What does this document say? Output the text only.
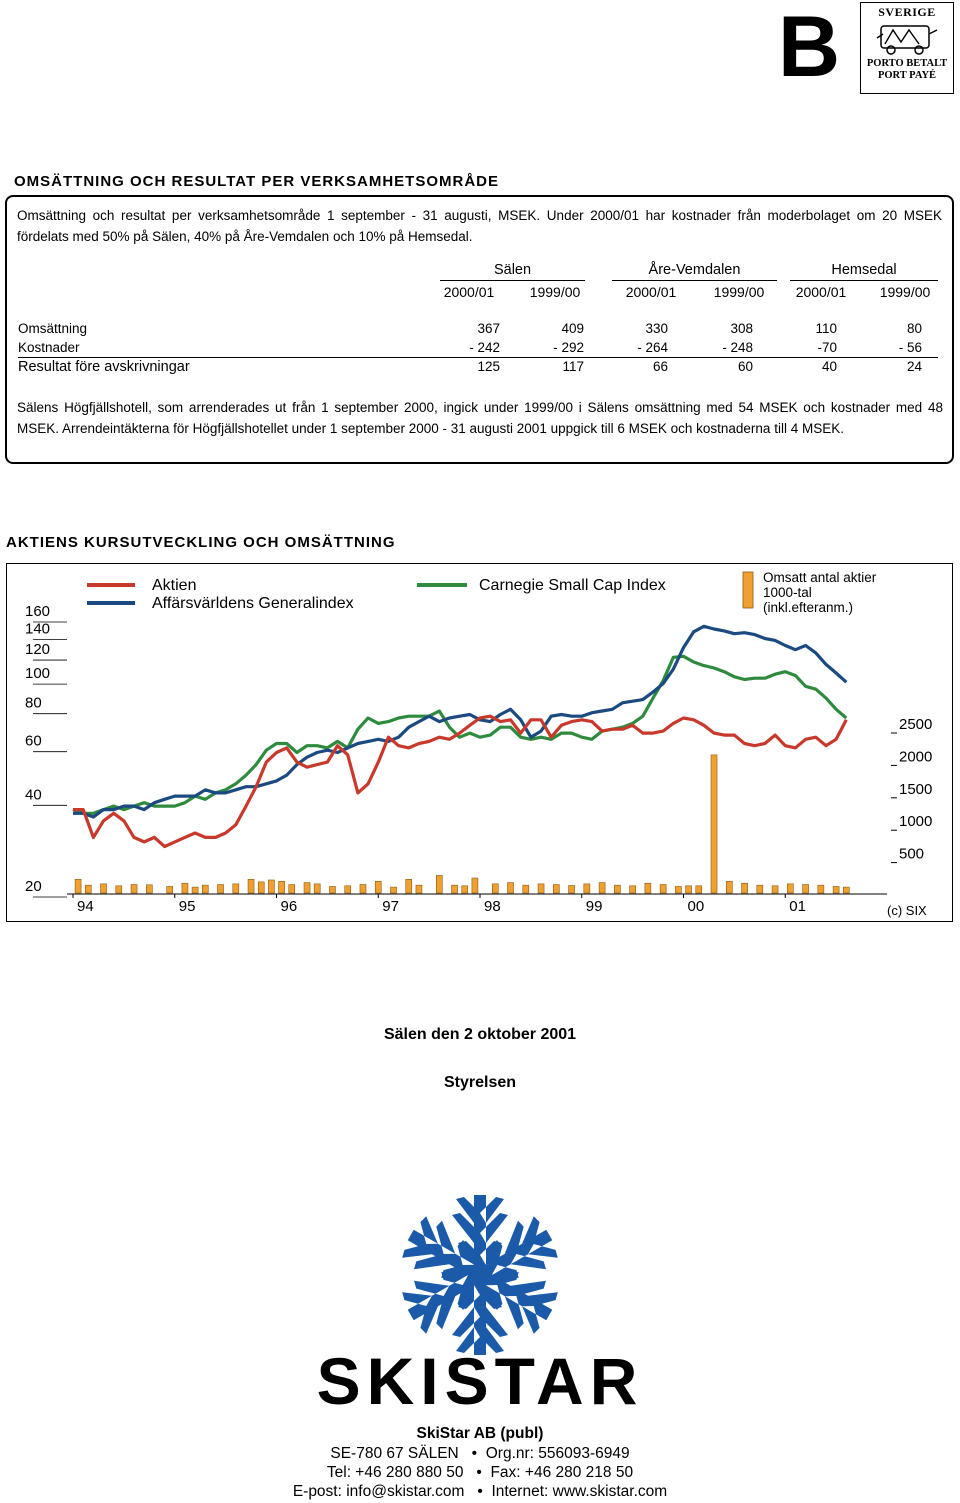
B	SVERIGE
PORTO BETALT
PORT PAYÉ
OMSÄTTNING OCH RESULTAT PER VERKSAMHETSOMRÅDE
Omsättning och resultat per verksamhetsområde 1 september - 31 augusti, MSEK. Under 2000/01 har kostnader från moderbolaget om 20 MSEK fördelats med 50% på Sälen, 40% på Åre-Vemdalen och 10% på Hemsedal.
Sälen	Åre-Vemdalen	Hemsedal
2000/01	1999/00	2000/01	1999/00	2000/01	1999/00
Omsättning	367	409	330	308	110	80
Kostnader	- 242	- 292	- 264	- 248	-70	- 56
Resultat före avskrivningar	125	117	66	60	40	24
Sälens Högfjällshotell, som arrenderades ut från 1 september 2000, ingick under 1999/00 i Sälens omsättning med 54 MSEK och kostnader med 48 MSEK. Arrendeintäkterna för Högfjällshotellet under 1 september 2000 - 31 augusti 2001 uppgick till 6 MSEK och kostnaderna till 4 MSEK.
AKTIENS KURSUTVECKLING OCH OMSÄTTNING
20
40
60
80
100
120
140
160
500
1000
1500
2000
2500
94	95	96	97	98	99	00	01	(c) SIX
Aktien
Affärsvärldens Generalindex
Carnegie Small Cap Index	Omsatt antal aktier
1000-tal
(inkl.efteranm.)
Sälen den 2 oktober 2001
Styrelsen
SKISTAR
SkiStar AB (publ)
SE-780 67 SÄLEN • Org.nr: 556093-6949
Tel: +46 280 880 50 • Fax: +46 280 218 50
E-post: info@skistar.com • Internet: www.skistar.com
